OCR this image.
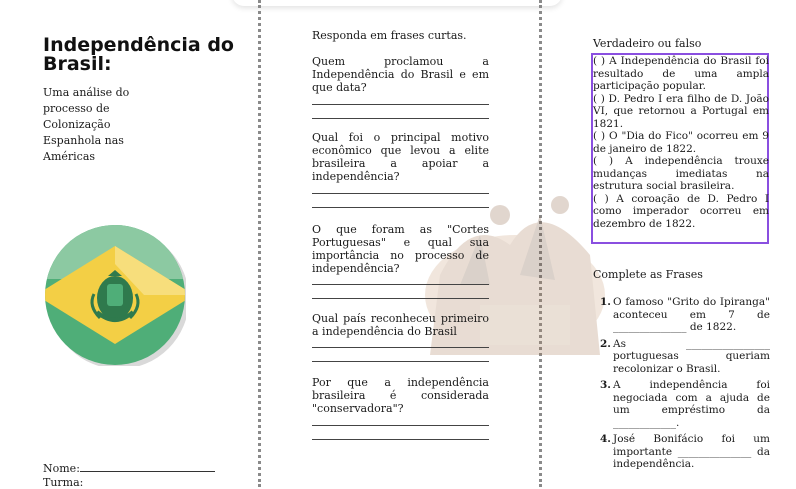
Independência do Brasil:
Uma análise do processo de Colonização Espanhola nas Américas
Nome:
Turma:
Responda em frases curtas.
Quem proclamou a Independência do Brasil e em que data?
Qual foi o principal motivo econômico que levou a elite brasileira a apoiar a independência?
O que foram as "Cortes Portuguesas" e qual sua importância no processo de independência?
Qual país reconheceu primeiro a independência do Brasil
Por que a independência brasileira é considerada "conservadora"?
Verdadeiro ou falso

( ) A Independência do Brasil foi resultado de uma ampla participação popular.

( ) D. Pedro I era filho de D. João VI, que retornou a Portugal em 1821.

( ) O "Dia do Fico" ocorreu em 9 de janeiro de 1822.

( ) A independência trouxe mudanças imediatas na estrutura social brasileira.

( ) A coroação de D. Pedro I como imperador ocorreu em dezembro de 1822.

Complete as Frases
1. O famoso "Grito do Ipiranga" aconteceu em 7 de ______________ de 1822.
2. As ________________ portuguesas queriam recolonizar o Brasil.
3. A independência foi negociada com a ajuda de um empréstimo da ____________.
4. José Bonifácio foi um importante ______________ da independência.
